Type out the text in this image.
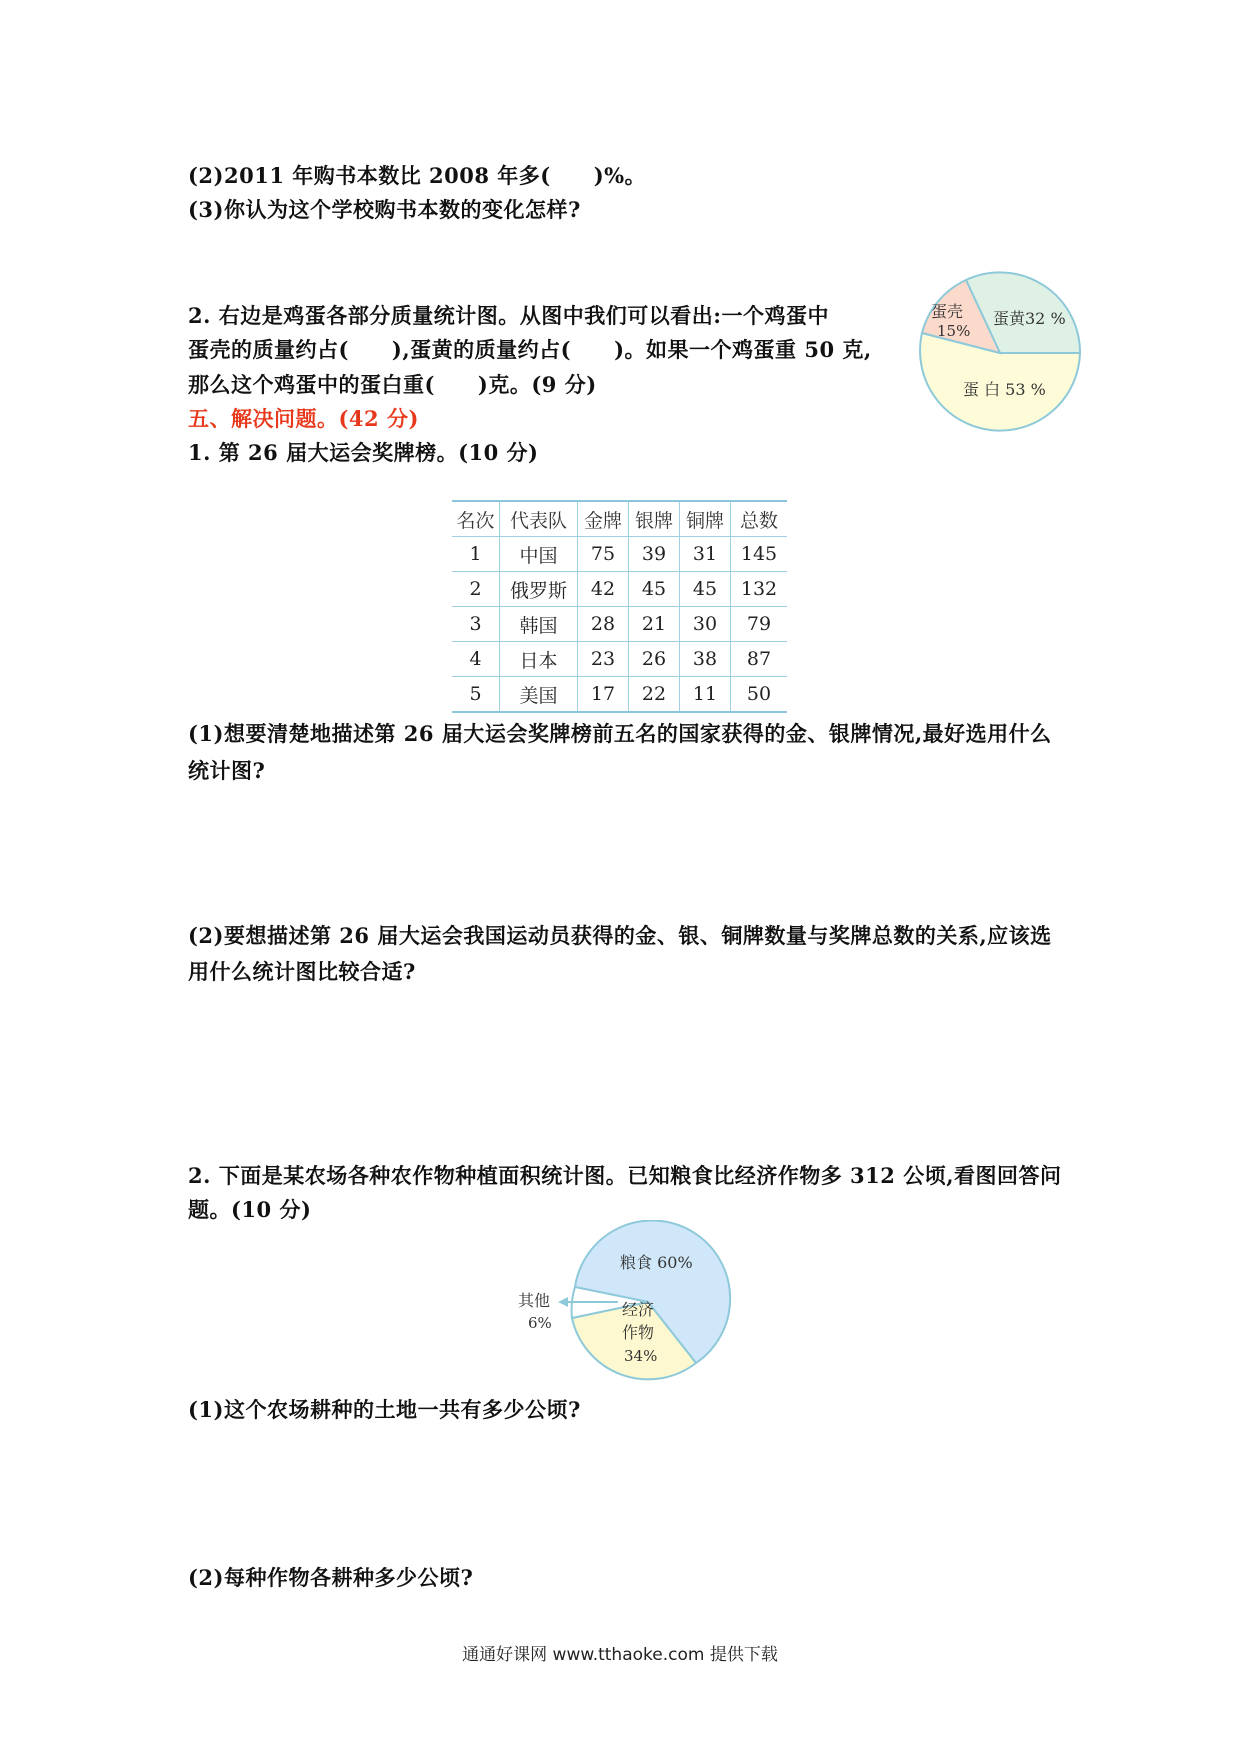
(2)2011 年购书本数比 2008 年多(　　)%。
(3)你认为这个学校购书本数的变化怎样?
2. 右边是鸡蛋各部分质量统计图。从图中我们可以看出:一个鸡蛋中
蛋壳的质量约占(　　),蛋黄的质量约占(　　)。如果一个鸡蛋重 50 克,
那么这个鸡蛋中的蛋白重(　　)克。(9 分)
蛋黄32 %
蛋 白 53 %
蛋壳
15%
五、解决问题。(42 分)
1. 第 26 届大运会奖牌榜。(10 分)
名次	代表队	金牌	银牌	铜牌	总数
1	中国	75	39	31	145
2	俄罗斯	42	45	45	132
3	韩国	28	21	30	79
4	日本	23	26	38	87
5	美国	17	22	11	50
(1)想要清楚地描述第 26 届大运会奖牌榜前五名的国家获得的金、银牌情况,最好选用什么
统计图?
(2)要想描述第 26 届大运会我国运动员获得的金、银、铜牌数量与奖牌总数的关系,应该选
用什么统计图比较合适?
2. 下面是某农场各种农作物种植面积统计图。已知粮食比经济作物多 312 公顷,看图回答问
题。(10 分)
粮食 60%
经济
作物
34%
其他
6%
(1)这个农场耕种的土地一共有多少公顷?
(2)每种作物各耕种多少公顷?
通通好课网 www.tthaoke.com 提供下载
